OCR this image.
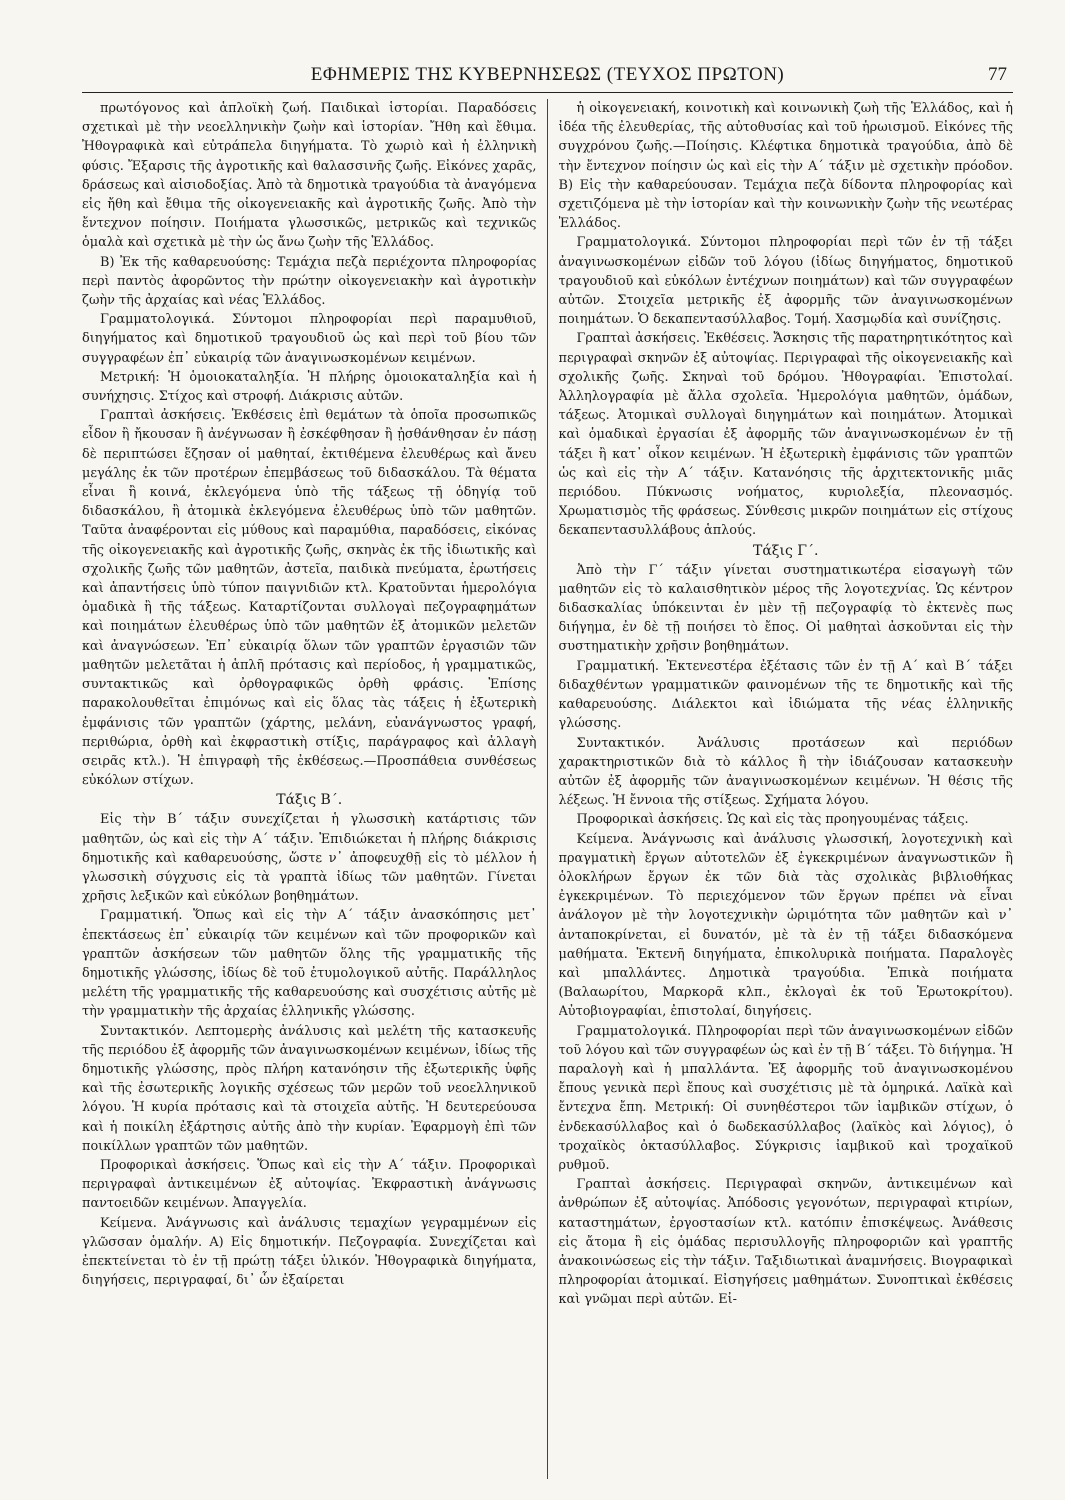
ΕΦΗΜΕΡΙΣ ΤΗΣ ΚΥΒΕΡΝΗΣΕΩΣ (ΤΕΥΧΟΣ ΠΡΩΤΟΝ)	77

πρωτόγονος καὶ ἁπλοϊκὴ ζωή. Παιδικαὶ ἱστορίαι. Παραδόσεις σχετικαὶ μὲ τὴν νεοελληνικὴν ζωὴν καὶ ἱστορίαν. Ἤθη καὶ ἔθιμα. Ἠθογραφικὰ καὶ εὐτράπελα διηγήματα. Τὸ χωριὸ καὶ ἡ ἑλληνικὴ φύσις. Ἔξαρσις τῆς ἀγροτικῆς καὶ θαλασσινῆς ζωῆς. Εἰκόνες χαρᾶς, δράσεως καὶ αἰσιοδοξίας. Ἀπὸ τὰ δημοτικὰ τραγούδια τὰ ἀναγόμενα εἰς ἤθη καὶ ἔθιμα τῆς οἰκογενειακῆς καὶ ἀγροτικῆς ζωῆς. Ἀπὸ τὴν ἔντεχνον ποίησιν. Ποιήματα γλωσσικῶς, μετρικῶς καὶ τεχνικῶς ὁμαλὰ καὶ σχετικὰ μὲ τὴν ὡς ἄνω ζωὴν τῆς Ἑλλάδος.

Β) Ἐκ τῆς καθαρευούσης: Τεμάχια πεζὰ περιέχοντα πληροφορίας περὶ παντὸς ἀφορῶντος τὴν πρώτην οἰκογενειακὴν καὶ ἀγροτικὴν ζωὴν τῆς ἀρχαίας καὶ νέας Ἑλλάδος.

Γραμματολογικά. Σύντομοι πληροφορίαι περὶ παραμυθιοῦ, διηγήματος καὶ δημοτικοῦ τραγουδιοῦ ὡς καὶ περὶ τοῦ βίου τῶν συγγραφέων ἐπ᾽ εὐκαιρίᾳ τῶν ἀναγινωσκομένων κειμένων.

Μετρική: Ἡ ὁμοιοκαταληξία. Ἡ πλήρης ὁμοιοκαταληξία καὶ ἡ συνήχησις. Στίχος καὶ στροφή. Διάκρισις αὐτῶν.

Γραπταὶ ἀσκήσεις. Ἐκθέσεις ἐπὶ θεμάτων τὰ ὁποῖα προσωπικῶς εἶδον ἢ ἤκουσαν ἢ ἀνέγνωσαν ἢ ἐσκέφθησαν ἢ ᾐσθάνθησαν ἐν πάσῃ δὲ περιπτώσει ἔζησαν οἱ μαθηταί, ἐκτιθέμενα ἐλευθέρως καὶ ἄνευ μεγάλης ἐκ τῶν προτέρων ἐπεμβάσεως τοῦ διδασκάλου. Τὰ θέματα εἶναι ἢ κοινά, ἐκλεγόμενα ὑπὸ τῆς τάξεως τῇ ὁδηγίᾳ τοῦ διδασκάλου, ἢ ἀτομικὰ ἐκλεγόμενα ἐλευθέρως ὑπὸ τῶν μαθητῶν. Ταῦτα ἀναφέρονται εἰς μύθους καὶ παραμύθια, παραδόσεις, εἰκόνας τῆς οἰκογενειακῆς καὶ ἀγροτικῆς ζωῆς, σκηνὰς ἐκ τῆς ἰδιωτικῆς καὶ σχολικῆς ζωῆς τῶν μαθητῶν, ἀστεῖα, παιδικὰ πνεύματα, ἐρωτήσεις καὶ ἀπαντήσεις ὑπὸ τύπον παιγνιδιῶν κτλ. Κρατοῦνται ἡμερολόγια ὁμαδικὰ ἢ τῆς τάξεως. Καταρτίζονται συλλογαὶ πεζογραφημάτων καὶ ποιημάτων ἐλευθέρως ὑπὸ τῶν μαθητῶν ἐξ ἀτομικῶν μελετῶν καὶ ἀναγνώσεων. Ἐπ᾽ εὐκαιρίᾳ ὅλων τῶν γραπτῶν ἐργασιῶν τῶν μαθητῶν μελετᾶται ἡ ἁπλῆ πρότασις καὶ περίοδος, ἡ γραμματικῶς, συντακτικῶς καὶ ὀρθογραφικῶς ὀρθὴ φράσις. Ἐπίσης παρακολουθεῖται ἐπιμόνως καὶ εἰς ὅλας τὰς τάξεις ἡ ἐξωτερικὴ ἐμφάνισις τῶν γραπτῶν (χάρτης, μελάνη, εὐανάγνωστος γραφή, περιθώρια, ὀρθὴ καὶ ἐκφραστικὴ στίξις, παράγραφος καὶ ἀλλαγὴ σειρᾶς κτλ.). Ἡ ἐπιγραφὴ τῆς ἐκθέσεως.—Προσπάθεια συνθέσεως εὐκόλων στίχων.

Τάξις Β΄.

Εἰς τὴν Β΄ τάξιν συνεχίζεται ἡ γλωσσικὴ κατάρτισις τῶν μαθητῶν, ὡς καὶ εἰς τὴν Α΄ τάξιν. Ἐπιδιώκεται ἡ πλήρης διάκρισις δημοτικῆς καὶ καθαρευούσης, ὥστε ν᾽ ἀποφευχθῇ εἰς τὸ μέλλον ἡ γλωσσικὴ σύγχυσις εἰς τὰ γραπτὰ ἰδίως τῶν μαθητῶν. Γίνεται χρῆσις λεξικῶν καὶ εὐκόλων βοηθημάτων.

Γραμματική. Ὅπως καὶ εἰς τὴν Α΄ τάξιν ἀνασκόπησις μετ᾽ ἐπεκτάσεως ἐπ᾽ εὐκαιρίᾳ τῶν κειμένων καὶ τῶν προφορικῶν καὶ γραπτῶν ἀσκήσεων τῶν μαθητῶν ὅλης τῆς γραμματικῆς τῆς δημοτικῆς γλώσσης, ἰδίως δὲ τοῦ ἐτυμολογικοῦ αὐτῆς. Παράλληλος μελέτη τῆς γραμματικῆς τῆς καθαρευούσης καὶ συσχέτισις αὐτῆς μὲ τὴν γραμματικὴν τῆς ἀρχαίας ἑλληνικῆς γλώσσης.

Συντακτικόν. Λεπτομερὴς ἀνάλυσις καὶ μελέτη τῆς κατασκευῆς τῆς περιόδου ἐξ ἀφορμῆς τῶν ἀναγινωσκομένων κειμένων, ἰδίως τῆς δημοτικῆς γλώσσης, πρὸς πλήρη κατανόησιν τῆς ἐξωτερικῆς ὑφῆς καὶ τῆς ἐσωτερικῆς λογικῆς σχέσεως τῶν μερῶν τοῦ νεοελληνικοῦ λόγου. Ἡ κυρία πρότασις καὶ τὰ στοιχεῖα αὐτῆς. Ἡ δευτερεύουσα καὶ ἡ ποικίλη ἐξάρτησις αὐτῆς ἀπὸ τὴν κυρίαν. Ἐφαρμογὴ ἐπὶ τῶν ποικίλλων γραπτῶν τῶν μαθητῶν.

Προφορικαὶ ἀσκήσεις. Ὅπως καὶ εἰς τὴν Α΄ τάξιν. Προφορικαὶ περιγραφαὶ ἀντικειμένων ἐξ αὐτοψίας. Ἐκφραστικὴ ἀνάγνωσις παντοειδῶν κειμένων. Ἀπαγγελία.

Κείμενα. Ἀνάγνωσις καὶ ἀνάλυσις τεμαχίων γεγραμμένων εἰς γλῶσσαν ὁμαλήν. Α) Εἰς δημοτικήν. Πεζογραφία. Συνεχίζεται καὶ ἐπεκτείνεται τὸ ἐν τῇ πρώτῃ τάξει ὑλικόν. Ἠθογραφικὰ διηγήματα, διηγήσεις, περιγραφαί, δι᾽ ὧν ἐξαίρεται

ἡ οἰκογενειακή, κοινοτικὴ καὶ κοινωνικὴ ζωὴ τῆς Ἑλλάδος, καὶ ἡ ἰδέα τῆς ἐλευθερίας, τῆς αὐτοθυσίας καὶ τοῦ ἡρωισμοῦ. Εἰκόνες τῆς συγχρόνου ζωῆς.—Ποίησις. Κλέφτικα δημοτικὰ τραγούδια, ἀπὸ δὲ τὴν ἔντεχνον ποίησιν ὡς καὶ εἰς τὴν Α΄ τάξιν μὲ σχετικὴν πρόοδον. Β) Εἰς τὴν καθαρεύουσαν. Τεμάχια πεζὰ δίδοντα πληροφορίας καὶ σχετιζόμενα μὲ τὴν ἱστορίαν καὶ τὴν κοινωνικὴν ζωὴν τῆς νεωτέρας Ἑλλάδος.

Γραμματολογικά. Σύντομοι πληροφορίαι περὶ τῶν ἐν τῇ τάξει ἀναγινωσκομένων εἰδῶν τοῦ λόγου (ἰδίως διηγήματος, δημοτικοῦ τραγουδιοῦ καὶ εὐκόλων ἐντέχνων ποιημάτων) καὶ τῶν συγγραφέων αὐτῶν. Στοιχεῖα μετρικῆς ἐξ ἀφορμῆς τῶν ἀναγινωσκομένων ποιημάτων. Ὁ δεκαπεντασύλλαβος. Τομή. Χασμῳδία καὶ συνίζησις.

Γραπταὶ ἀσκήσεις. Ἐκθέσεις. Ἄσκησις τῆς παρατηρητικότητος καὶ περιγραφαὶ σκηνῶν ἐξ αὐτοψίας. Περιγραφαὶ τῆς οἰκογενειακῆς καὶ σχολικῆς ζωῆς. Σκηναὶ τοῦ δρόμου. Ἠθογραφίαι. Ἐπιστολαί. Ἀλληλογραφία μὲ ἄλλα σχολεῖα. Ἡμερολόγια μαθητῶν, ὁμάδων, τάξεως. Ἀτομικαὶ συλλογαὶ διηγημάτων καὶ ποιημάτων. Ἀτομικαὶ καὶ ὁμαδικαὶ ἐργασίαι ἐξ ἀφορμῆς τῶν ἀναγινωσκομένων ἐν τῇ τάξει ἢ κατ᾽ οἶκον κειμένων. Ἡ ἐξωτερικὴ ἐμφάνισις τῶν γραπτῶν ὡς καὶ εἰς τὴν Α΄ τάξιν. Κατανόησις τῆς ἀρχιτεκτονικῆς μιᾶς περιόδου. Πύκνωσις νοήματος, κυριολεξία, πλεονασμός. Χρωματισμὸς τῆς φράσεως. Σύνθεσις μικρῶν ποιημάτων εἰς στίχους δεκαπεντασυλλάβους ἁπλούς.

Τάξις Γ΄.

Ἀπὸ τὴν Γ΄ τάξιν γίνεται συστηματικωτέρα εἰσαγωγὴ τῶν μαθητῶν εἰς τὸ καλαισθητικὸν μέρος τῆς λογοτεχνίας. Ὡς κέντρον διδασκαλίας ὑπόκεινται ἐν μὲν τῇ πεζογραφίᾳ τὸ ἐκτενὲς πως διήγημα, ἐν δὲ τῇ ποιήσει τὸ ἔπος. Οἱ μαθηταὶ ἀσκοῦνται εἰς τὴν συστηματικὴν χρῆσιν βοηθημάτων.

Γραμματική. Ἐκτενεστέρα ἐξέτασις τῶν ἐν τῇ Α΄ καὶ Β΄ τάξει διδαχθέντων γραμματικῶν φαινομένων τῆς τε δημοτικῆς καὶ τῆς καθαρευούσης. Διάλεκτοι καὶ ἰδιώματα τῆς νέας ἑλληνικῆς γλώσσης.

Συντακτικόν. Ἀνάλυσις προτάσεων καὶ περιόδων χαρακτηριστικῶν διὰ τὸ κάλλος ἢ τὴν ἰδιάζουσαν κατασκευὴν αὐτῶν ἐξ ἀφορμῆς τῶν ἀναγινωσκομένων κειμένων. Ἡ θέσις τῆς λέξεως. Ἡ ἔννοια τῆς στίξεως. Σχήματα λόγου.

Προφορικαὶ ἀσκήσεις. Ὡς καὶ εἰς τὰς προηγουμένας τάξεις.

Κείμενα. Ἀνάγνωσις καὶ ἀνάλυσις γλωσσική, λογοτεχνικὴ καὶ πραγματικὴ ἔργων αὐτοτελῶν ἐξ ἐγκεκριμένων ἀναγνωστικῶν ἢ ὁλοκλήρων ἔργων ἐκ τῶν διὰ τὰς σχολικὰς βιβλιοθήκας ἐγκεκριμένων. Τὸ περιεχόμενον τῶν ἔργων πρέπει νὰ εἶναι ἀνάλογον μὲ τὴν λογοτεχνικὴν ὡριμότητα τῶν μαθητῶν καὶ ν᾽ ἀνταποκρίνεται, εἰ δυνατόν, μὲ τὰ ἐν τῇ τάξει διδασκόμενα μαθήματα. Ἐκτενῆ διηγήματα, ἐπικολυρικὰ ποιήματα. Παραλογὲς καὶ μπαλλάντες. Δημοτικὰ τραγούδια. Ἐπικὰ ποιήματα (Βαλαωρίτου, Μαρκορᾶ κλπ., ἐκλογαὶ ἐκ τοῦ Ἐρωτοκρίτου). Αὐτοβιογραφίαι, ἐπιστολαί, διηγήσεις.

Γραμματολογικά. Πληροφορίαι περὶ τῶν ἀναγινωσκομένων εἰδῶν τοῦ λόγου καὶ τῶν συγγραφέων ὡς καὶ ἐν τῇ Β΄ τάξει. Τὸ διήγημα. Ἡ παραλογὴ καὶ ἡ μπαλλάντα. Ἐξ ἀφορμῆς τοῦ ἀναγινωσκομένου ἔπους γενικὰ περὶ ἔπους καὶ συσχέτισις μὲ τὰ ὁμηρικά. Λαϊκὰ καὶ ἔντεχνα ἔπη. Μετρική: Οἱ συνηθέστεροι τῶν ἰαμβικῶν στίχων, ὁ ἐνδεκασύλλαβος καὶ ὁ δωδεκασύλλαβος (λαϊκὸς καὶ λόγιος), ὁ τροχαϊκὸς ὀκτασύλλαβος. Σύγκρισις ἰαμβικοῦ καὶ τροχαϊκοῦ ρυθμοῦ.

Γραπταὶ ἀσκήσεις. Περιγραφαὶ σκηνῶν, ἀντικειμένων καὶ ἀνθρώπων ἐξ αὐτοψίας. Ἀπόδοσις γεγονότων, περιγραφαὶ κτιρίων, καταστημάτων, ἐργοστασίων κτλ. κατόπιν ἐπισκέψεως. Ἀνάθεσις εἰς ἄτομα ἢ εἰς ὁμάδας περισυλλογῆς πληροφοριῶν καὶ γραπτῆς ἀνακοινώσεως εἰς τὴν τάξιν. Ταξιδιωτικαὶ ἀναμνήσεις. Βιογραφικαὶ πληροφορίαι ἀτομικαί. Εἰσηγήσεις μαθημάτων. Συνοπτικαὶ ἐκθέσεις καὶ γνῶμαι περὶ αὐτῶν. Εἰ-
